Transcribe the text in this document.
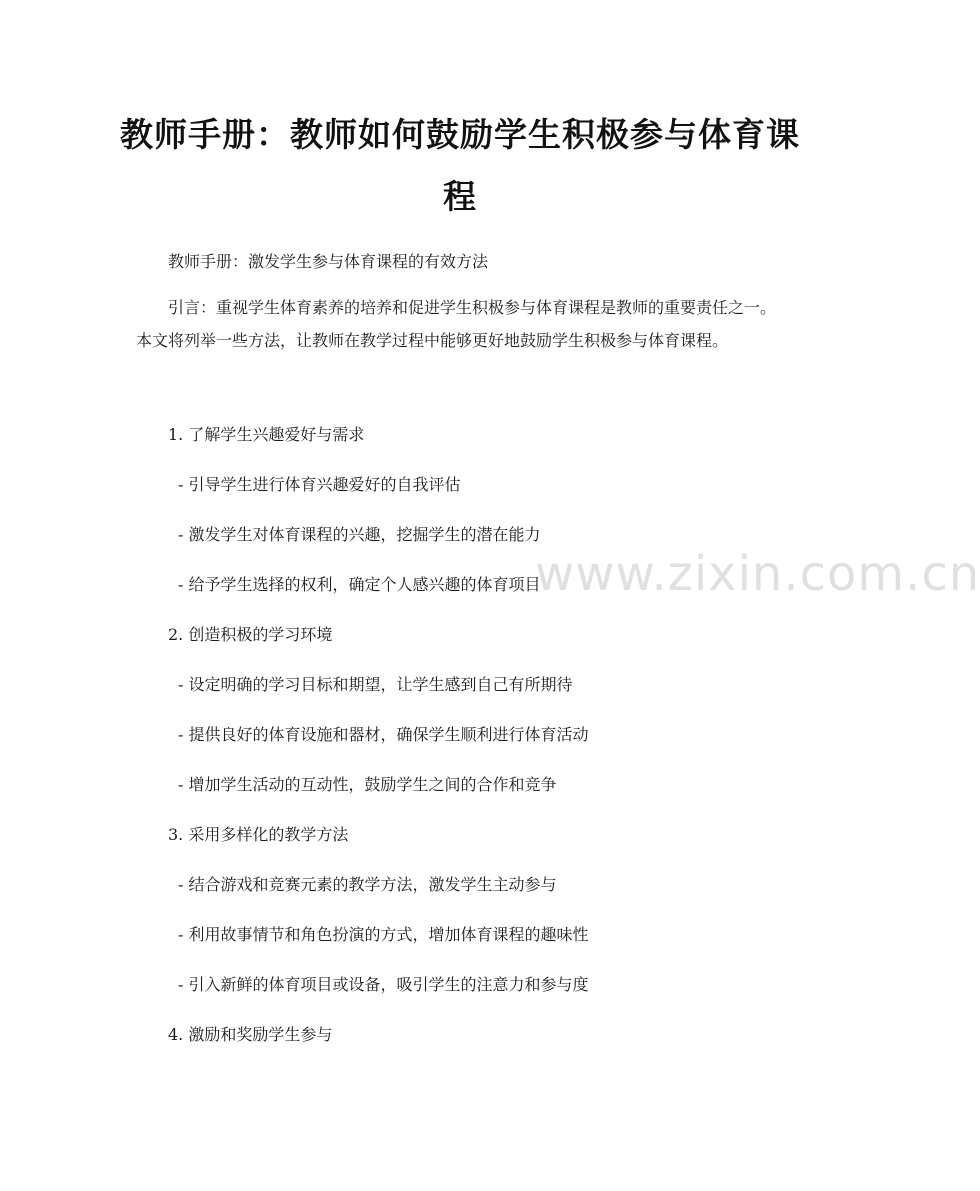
教师手册：教师如何鼓励学生积极参与体育课程

教师手册：激发学生参与体育课程的有效方法

引言：重视学生体育素养的培养和促进学生积极参与体育课程是教师的重要责任之一。本文将列举一些方法，让教师在教学过程中能够更好地鼓励学生积极参与体育课程。

1. 了解学生兴趣爱好与需求

- 引导学生进行体育兴趣爱好的自我评估

- 激发学生对体育课程的兴趣，挖掘学生的潜在能力

- 给予学生选择的权利，确定个人感兴趣的体育项目

2. 创造积极的学习环境

- 设定明确的学习目标和期望，让学生感到自己有所期待

- 提供良好的体育设施和器材，确保学生顺利进行体育活动

- 增加学生活动的互动性，鼓励学生之间的合作和竞争

3. 采用多样化的教学方法

- 结合游戏和竞赛元素的教学方法，激发学生主动参与

- 利用故事情节和角色扮演的方式，增加体育课程的趣味性

- 引入新鲜的体育项目或设备，吸引学生的注意力和参与度

4. 激励和奖励学生参与

www.zixin.com.cn
